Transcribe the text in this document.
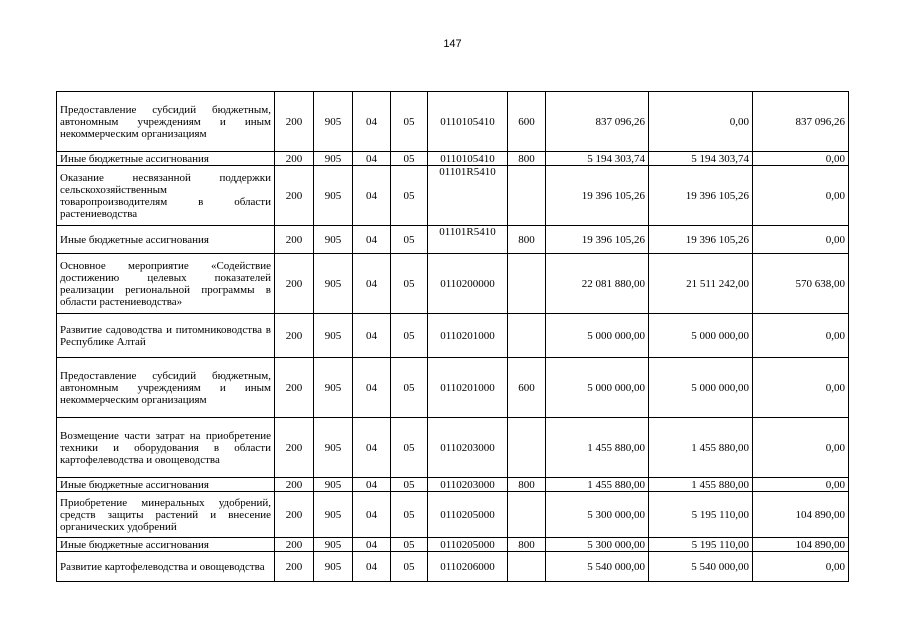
147
Предоставление субсидий бюджетным, автономным учреждениям и иным некоммерческим организациям	200	905	04	05	0110105410	600	837 096,26	0,00	837 096,26
Иные бюджетные ассигнования	200	905	04	05	0110105410	800	5 194 303,74	5 194 303,74	0,00
Оказание несвязанной поддержки сельскохозяйственным товаропроизводителям в области растениеводства	200	905	04	05	01101R5410		19 396 105,26	19 396 105,26	0,00
Иные бюджетные ассигнования	200	905	04	05	01101R5410	800	19 396 105,26	19 396 105,26	0,00
Основное мероприятие «Содействие достижению целевых показателей реализации региональной программы в области растениеводства»	200	905	04	05	0110200000		22 081 880,00	21 511 242,00	570 638,00
Развитие садоводства и питомниководства в Республике Алтай	200	905	04	05	0110201000		5 000 000,00	5 000 000,00	0,00
Предоставление субсидий бюджетным, автономным учреждениям и иным некоммерческим организациям	200	905	04	05	0110201000	600	5 000 000,00	5 000 000,00	0,00
Возмещение части затрат на приобретение техники и оборудования в области картофелеводства и овощеводства	200	905	04	05	0110203000		1 455 880,00	1 455 880,00	0,00
Иные бюджетные ассигнования	200	905	04	05	0110203000	800	1 455 880,00	1 455 880,00	0,00
Приобретение минеральных удобрений, средств защиты растений и внесение органических удобрений	200	905	04	05	0110205000		5 300 000,00	5 195 110,00	104 890,00
Иные бюджетные ассигнования	200	905	04	05	0110205000	800	5 300 000,00	5 195 110,00	104 890,00
Развитие картофелеводства и овощеводства	200	905	04	05	0110206000		5 540 000,00	5 540 000,00	0,00
